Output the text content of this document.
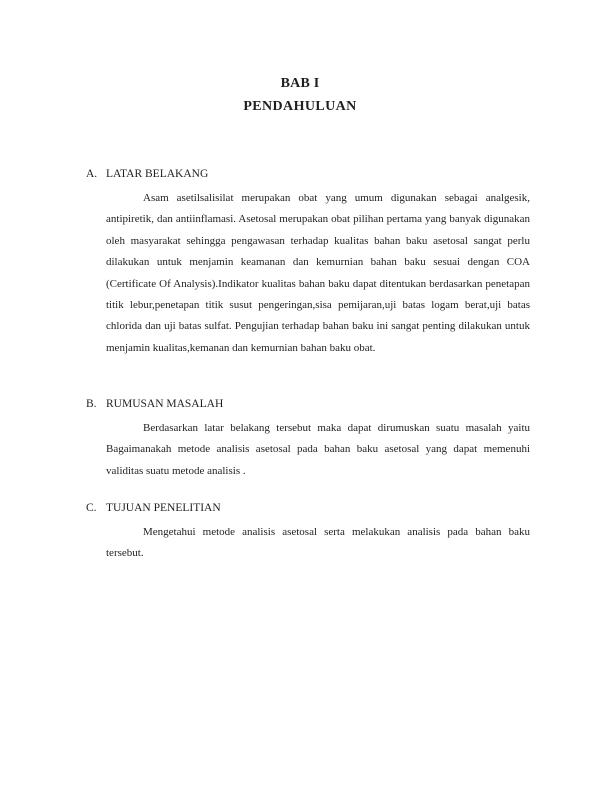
BAB I
PENDAHULUAN

A. LATAR BELAKANG

Asam asetilsalisilat merupakan obat yang umum digunakan sebagai analgesik, antipiretik, dan antiinflamasi. Asetosal merupakan obat pilihan pertama yang banyak digunakan oleh masyarakat sehingga pengawasan terhadap kualitas bahan baku asetosal sangat perlu dilakukan untuk menjamin keamanan dan kemurnian bahan baku sesuai dengan COA (Certificate Of Analysis).Indikator kualitas bahan baku dapat ditentukan berdasarkan penetapan titik lebur,penetapan titik susut pengeringan,sisa pemijaran,uji batas logam berat,uji batas chlorida dan uji batas sulfat. Pengujian terhadap bahan baku ini sangat penting dilakukan untuk menjamin kualitas,kemanan dan kemurnian bahan baku obat.

B. RUMUSAN MASALAH

Berdasarkan latar belakang tersebut maka dapat dirumuskan suatu masalah yaitu Bagaimanakah metode analisis asetosal pada bahan baku asetosal yang dapat memenuhi validitas suatu metode analisis .

C. TUJUAN PENELITIAN

Mengetahui metode analisis asetosal serta melakukan analisis pada bahan baku tersebut.
